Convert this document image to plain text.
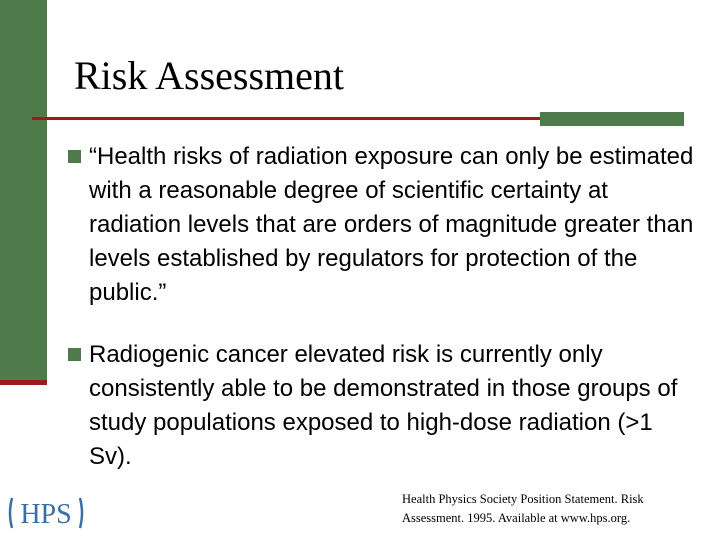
Risk Assessment
“Health risks of radiation exposure can only be estimated with a reasonable degree of scientific certainty at radiation levels that are orders of magnitude greater than levels established by regulators for protection of the public.”
Radiogenic cancer elevated risk is currently only consistently able to be demonstrated in those groups of study populations exposed to high-dose radiation (>1 Sv).
HPS	Health Physics Society Position Statement. Risk Assessment. 1995. Available at www.hps.org.
